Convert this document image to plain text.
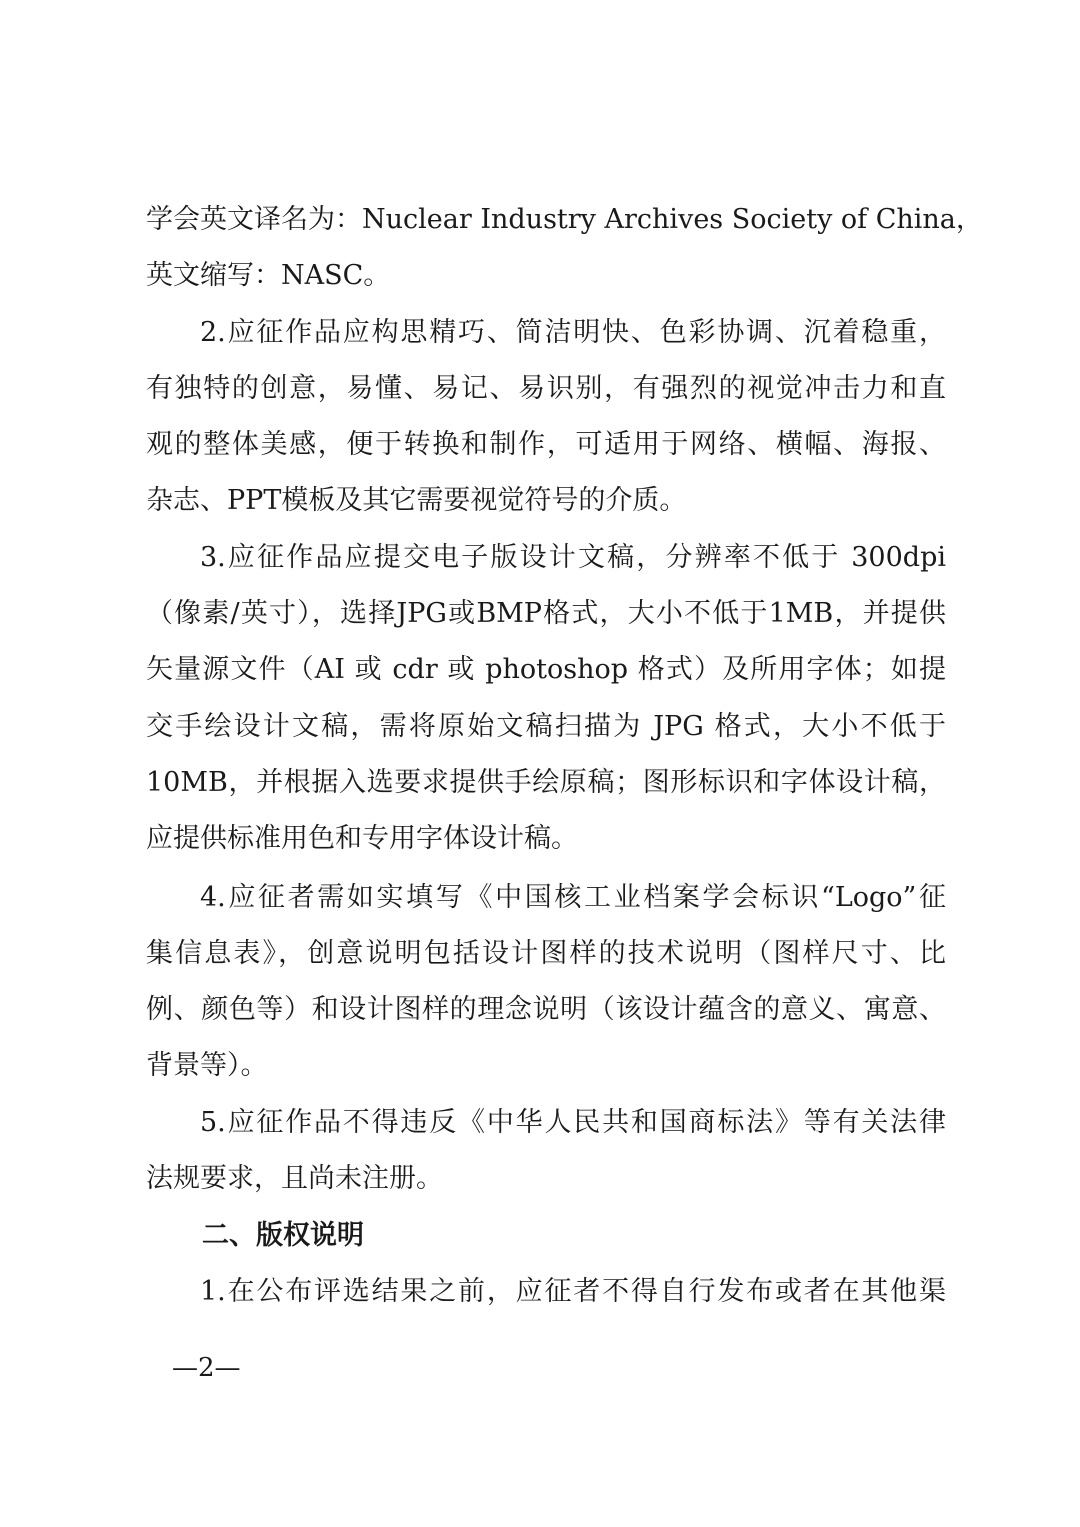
学会英文译名为：Nuclear Industry Archives Society of China，
英文缩写：NASC。
2.应征作品应构思精巧、简洁明快、色彩协调、沉着稳重，
有独特的创意，易懂、易记、易识别，有强烈的视觉冲击力和直
观的整体美感，便于转换和制作，可适用于网络、横幅、海报、
杂志、PPT模板及其它需要视觉符号的介质。
3.应征作品应提交电子版设计文稿，分辨率不低于 300dpi
（像素/英寸），选择JPG或BMP格式，大小不低于1MB，并提供
矢量源文件（AI 或 cdr 或 photoshop 格式）及所用字体；如提
交手绘设计文稿，需将原始文稿扫描为 JPG 格式，大小不低于
10MB，并根据入选要求提供手绘原稿；图形标识和字体设计稿，
应提供标准用色和专用字体设计稿。
4.应征者需如实填写《中国核工业档案学会标识“Logo”征
集信息表》，创意说明包括设计图样的技术说明（图样尺寸、比
例、颜色等）和设计图样的理念说明（该设计蕴含的意义、寓意、
背景等）。
5.应征作品不得违反《中华人民共和国商标法》等有关法律
法规要求，且尚未注册。
二、版权说明
1.在公布评选结果之前，应征者不得自行发布或者在其他渠
—2—
